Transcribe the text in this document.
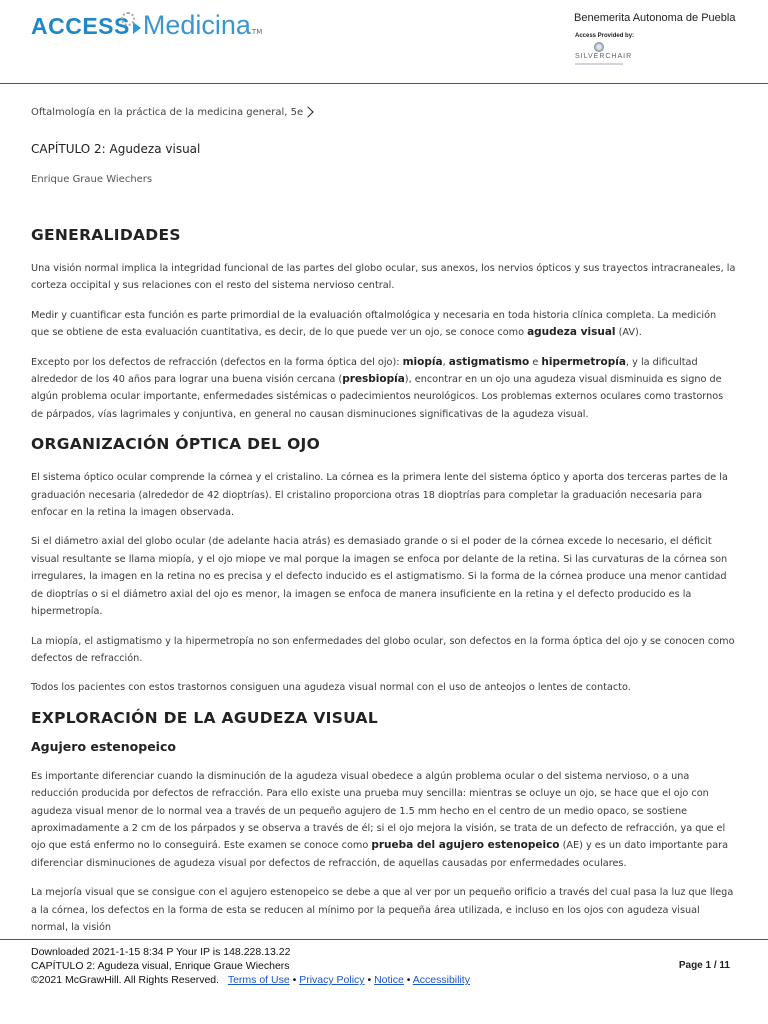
ACCESS Medicina TM
Benemerita Autonoma de Puebla
Access Provided by:
SILVERCHAIR
Oftalmología en la práctica de la medicina general, 5e
CAPÍTULO 2: Agudeza visual
Enrique Graue Wiechers
GENERALIDADES

Una visión normal implica la integridad funcional de las partes del globo ocular, sus anexos, los nervios ópticos y sus trayectos intracraneales, la corteza occipital y sus relaciones con el resto del sistema nervioso central.

Medir y cuantificar esta función es parte primordial de la evaluación oftalmológica y necesaria en toda historia clínica completa. La medición que se obtiene de esta evaluación cuantitativa, es decir, de lo que puede ver un ojo, se conoce como agudeza visual (AV).

Excepto por los defectos de refracción (defectos en la forma óptica del ojo): miopía, astigmatismo e hipermetropía, y la dificultad alrededor de los 40 años para lograr una buena visión cercana (presbiopía), encontrar en un ojo una agudeza visual disminuida es signo de algún problema ocular importante, enfermedades sistémicas o padecimientos neurológicos. Los problemas externos oculares como trastornos de párpados, vías lagrimales y conjuntiva, en general no causan disminuciones significativas de la agudeza visual.

ORGANIZACIÓN ÓPTICA DEL OJO

El sistema óptico ocular comprende la córnea y el cristalino. La córnea es la primera lente del sistema óptico y aporta dos terceras partes de la graduación necesaria (alrededor de 42 dioptrías). El cristalino proporciona otras 18 dioptrías para completar la graduación necesaria para enfocar en la retina la imagen observada.

Si el diámetro axial del globo ocular (de adelante hacia atrás) es demasiado grande o si el poder de la córnea excede lo necesario, el déficit visual resultante se llama miopía, y el ojo miope ve mal porque la imagen se enfoca por delante de la retina. Si las curvaturas de la córnea son irregulares, la imagen en la retina no es precisa y el defecto inducido es el astigmatismo. Si la forma de la córnea produce una menor cantidad de dioptrías o si el diámetro axial del ojo es menor, la imagen se enfoca de manera insuficiente en la retina y el defecto producido es la hipermetropía.

La miopía, el astigmatismo y la hipermetropía no son enfermedades del globo ocular, son defectos en la forma óptica del ojo y se conocen como defectos de refracción.

Todos los pacientes con estos trastornos consiguen una agudeza visual normal con el uso de anteojos o lentes de contacto.

EXPLORACIÓN DE LA AGUDEZA VISUAL
Agujero estenopeico

Es importante diferenciar cuando la disminución de la agudeza visual obedece a algún problema ocular o del sistema nervioso, o a una reducción producida por defectos de refracción. Para ello existe una prueba muy sencilla: mientras se ocluye un ojo, se hace que el ojo con agudeza visual menor de lo normal vea a través de un pequeño agujero de 1.5 mm hecho en el centro de un medio opaco, se sostiene aproximadamente a 2 cm de los párpados y se observa a través de él; si el ojo mejora la visión, se trata de un defecto de refracción, ya que el ojo que está enfermo no lo conseguirá. Este examen se conoce como prueba del agujero estenopeico (AE) y es un dato importante para diferenciar disminuciones de agudeza visual por defectos de refracción, de aquellas causadas por enfermedades oculares.

La mejoría visual que se consigue con el agujero estenopeico se debe a que al ver por un pequeño orificio a través del cual pasa la luz que llega a la córnea, los defectos en la forma de esta se reducen al mínimo por la pequeña área utilizada, e incluso en los ojos con agudeza visual normal, la visión

Downloaded 2021-1-15 8:34 P Your IP is 148.228.13.22
CAPÍTULO 2: Agudeza visual, Enrique Graue Wiechers
©2021 McGrawHill. All Rights Reserved. Terms of Use • Privacy Policy • Notice • Accessibility
Page 1 / 11
